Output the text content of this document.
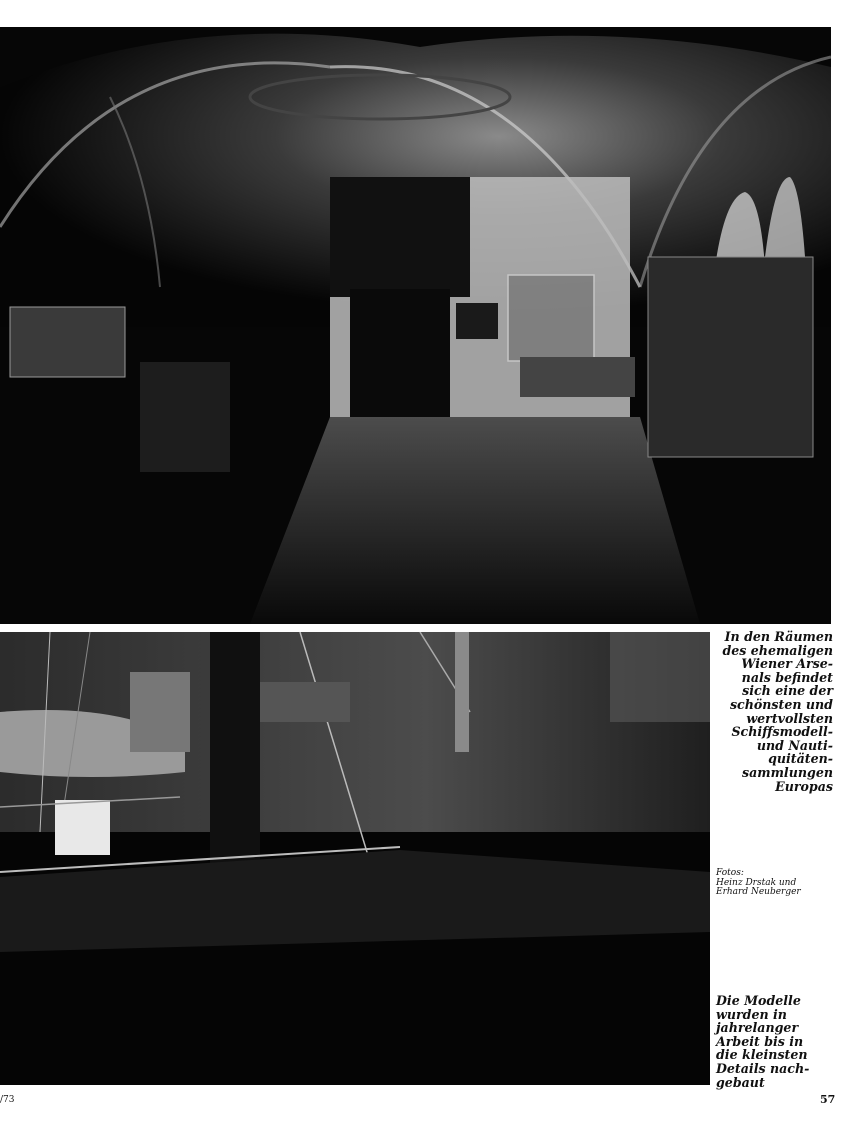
In den Räumen
des ehemaligen
Wiener Arse-
nals befindet
sich eine der
schönsten und
wertvollsten
Schiffsmodell-
und Nauti-
quitäten-
sammlungen
Europas
Fotos:
Heinz Drstak und
Erhard Neuberger
Die Modelle
wurden in
jahrelanger
Arbeit bis in
die kleinsten
Details nach-
gebaut
/73	57
